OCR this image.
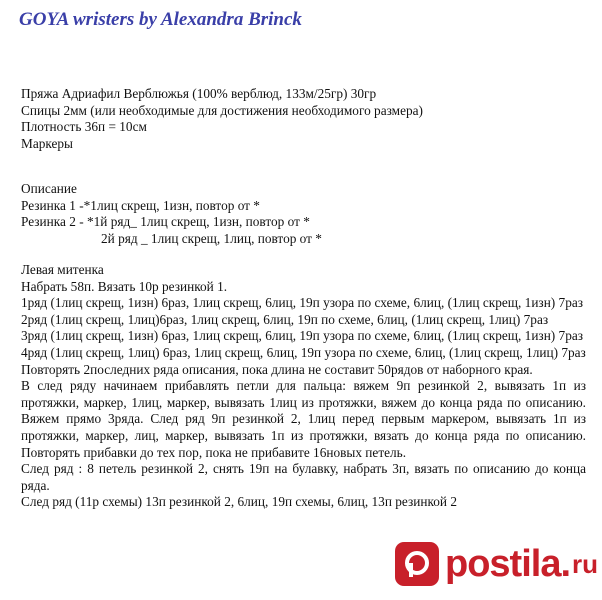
GOYA wristers by Alexandra Brinck
Пряжа Адриафил Верблюжья (100% верблюд, 133м/25гр) 30гр
Спицы 2мм (или необходимые для достижения необходимого размера)
Плотность 36п = 10см
Маркеры
Описание
Резинка 1 -*1лиц скрещ, 1изн, повтор от *
Резинка 2 - *1й ряд_ 1лиц скрещ, 1изн, повтор от *
2й ряд _ 1лиц скрещ, 1лиц, повтор от *
Левая митенка
Набрать 58п. Вязать 10р резинкой 1.
1ряд (1лиц скрещ, 1изн) 6раз, 1лиц скрещ, 6лиц, 19п узора по схеме, 6лиц, (1лиц скрещ, 1изн) 7раз
2ряд (1лиц скрещ, 1лиц)6раз, 1лиц скрещ, 6лиц, 19п по схеме, 6лиц, (1лиц скрещ, 1лиц) 7раз
3ряд (1лиц скрещ, 1изн) 6раз, 1лиц скрещ, 6лиц, 19п узора по схеме, 6лиц, (1лиц скрещ, 1изн) 7раз
4ряд (1лиц скрещ, 1лиц) 6раз, 1лиц скрещ, 6лиц, 19п узора по схеме, 6лиц, (1лиц скрещ, 1лиц) 7раз
Повторять 2последних ряда описания, пока длина не составит 50рядов от наборного края.
В след ряду начинаем прибавлять петли для пальца: вяжем 9п резинкой 2, вывязать 1п из протяжки, маркер, 1лиц, маркер, вывязать 1лиц из протяжки, вяжем до конца ряда по описанию. Вяжем прямо 3ряда. След ряд 9п резинкой 2, 1лиц перед первым маркером, вывязать 1п из протяжки, маркер, лиц, маркер, вывязать 1п из протяжки, вязать до конца ряда по описанию. Повторять прибавки до тех пор, пока не прибавите 16новых петель.
След ряд : 8 петель резинкой 2, снять 19п на булавку, набрать 3п, вязать по описанию до конца ряда.
След ряд (11р схемы) 13п резинкой 2, 6лиц, 19п схемы, 6лиц, 13п резинкой 2
postila . ru
